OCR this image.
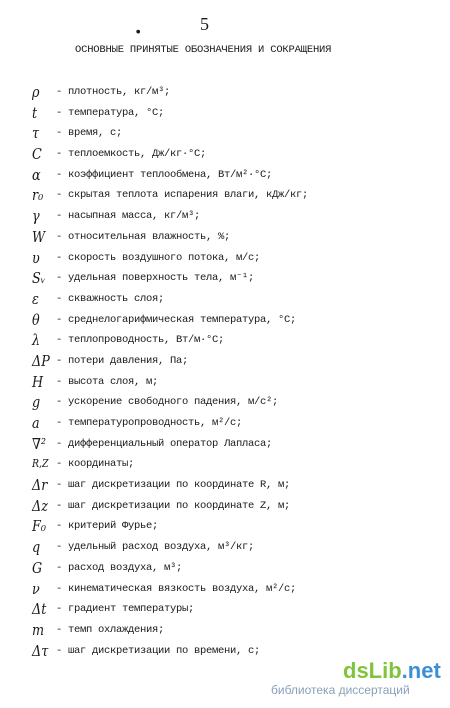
•	5
ОСНОВНЫЕ ПРИНЯТЫЕ ОБОЗНАЧЕНИЯ И СОКРАЩЕНИЯ
ρ	- плотность, кг/м³;
t	- температура, °C;
τ	- время, с;
C	- теплоемкость, Дж/кг·°С;
α	- коэффициент теплообмена, Вт/м²·°С;
r₀	- скрытая теплота испарения влаги, кДж/кг;
γ	- насыпная масса, кг/м³;
W	- относительная влажность, %;
υ	- скорость воздушного потока, м/с;
Sᵥ	- удельная поверхность тела, м⁻¹;
ε	- скважность слоя;
θ	- среднелогарифмическая температура, °C;
λ	- теплопроводность, Вт/м·°С;
ΔP - потери давления, Па;
H	- высота слоя, м;
g	- ускорение свободного падения, м/с²;
a	- температуропроводность, м²/с;
∇² - дифференциальный оператор Лапласа;
R,Z - координаты;
Δr - шаг дискретизации по координате R, м;
Δz - шаг дискретизации по координате Z, м;
F₀ - критерий Фурье;
q	- удельный расход воздуха, м³/кг;
G	- расход воздуха, м³;
ν	- кинематическая вязкость воздуха, м²/с;
Δt - градиент температуры;
m	- темп охлаждения;
Δτ - шаг дискретизации по времени, с;
dsLib.net
библиотека диссертаций
